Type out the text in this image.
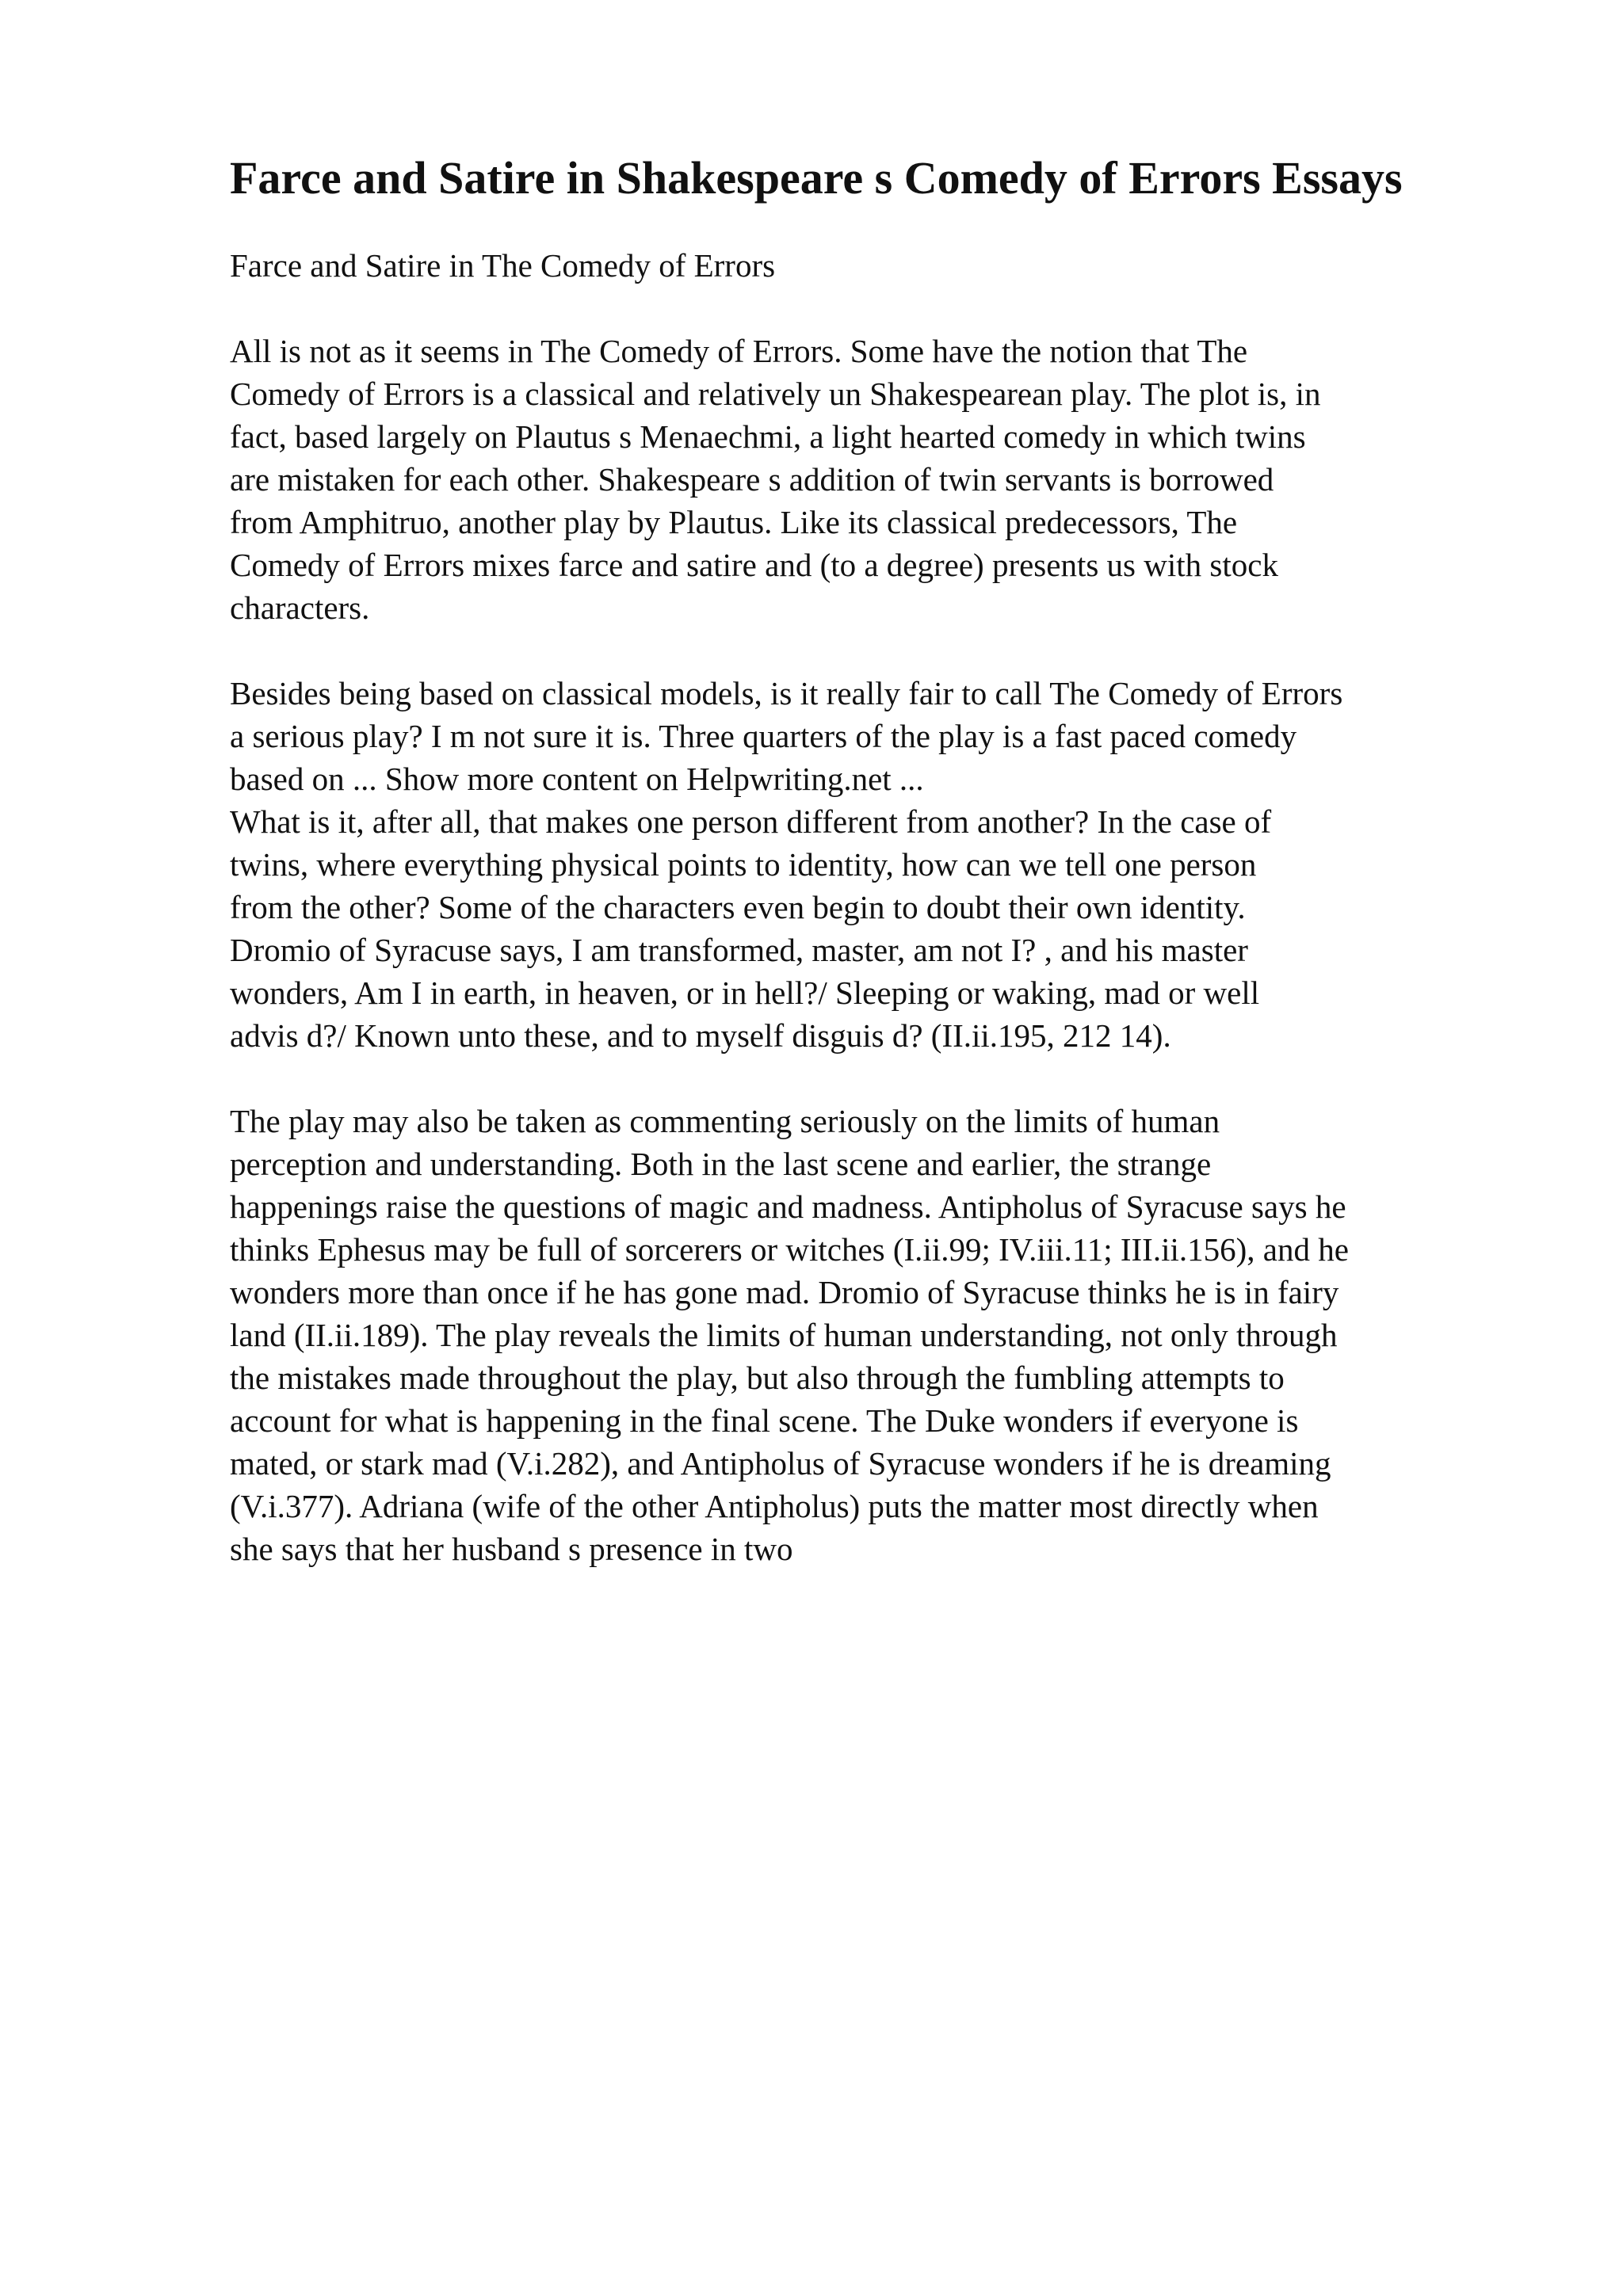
Farce and Satire in Shakespeare s Comedy of Errors Essays

Farce and Satire in The Comedy of Errors

All is not as it seems in The Comedy of Errors. Some have the notion that The
Comedy of Errors is a classical and relatively un Shakespearean play. The plot is, in
fact, based largely on Plautus s Menaechmi, a light hearted comedy in which twins
are mistaken for each other. Shakespeare s addition of twin servants is borrowed
from Amphitruo, another play by Plautus. Like its classical predecessors, The
Comedy of Errors mixes farce and satire and (to a degree) presents us with stock
characters.

Besides being based on classical models, is it really fair to call The Comedy of Errors
a serious play? I m not sure it is. Three quarters of the play is a fast paced comedy
based on ... Show more content on Helpwriting.net ...

What is it, after all, that makes one person different from another? In the case of
twins, where everything physical points to identity, how can we tell one person
from the other? Some of the characters even begin to doubt their own identity.
Dromio of Syracuse says, I am transformed, master, am not I? , and his master
wonders, Am I in earth, in heaven, or in hell?/ Sleeping or waking, mad or well
advis d?/ Known unto these, and to myself disguis d? (II.ii.195, 212 14).

The play may also be taken as commenting seriously on the limits of human
perception and understanding. Both in the last scene and earlier, the strange
happenings raise the questions of magic and madness. Antipholus of Syracuse says he
thinks Ephesus may be full of sorcerers or witches (I.ii.99; IV.iii.11; III.ii.156), and he
wonders more than once if he has gone mad. Dromio of Syracuse thinks he is in fairy
land (II.ii.189). The play reveals the limits of human understanding, not only through
the mistakes made throughout the play, but also through the fumbling attempts to
account for what is happening in the final scene. The Duke wonders if everyone is
mated, or stark mad (V.i.282), and Antipholus of Syracuse wonders if he is dreaming
(V.i.377). Adriana (wife of the other Antipholus) puts the matter most directly when
she says that her husband s presence in two
